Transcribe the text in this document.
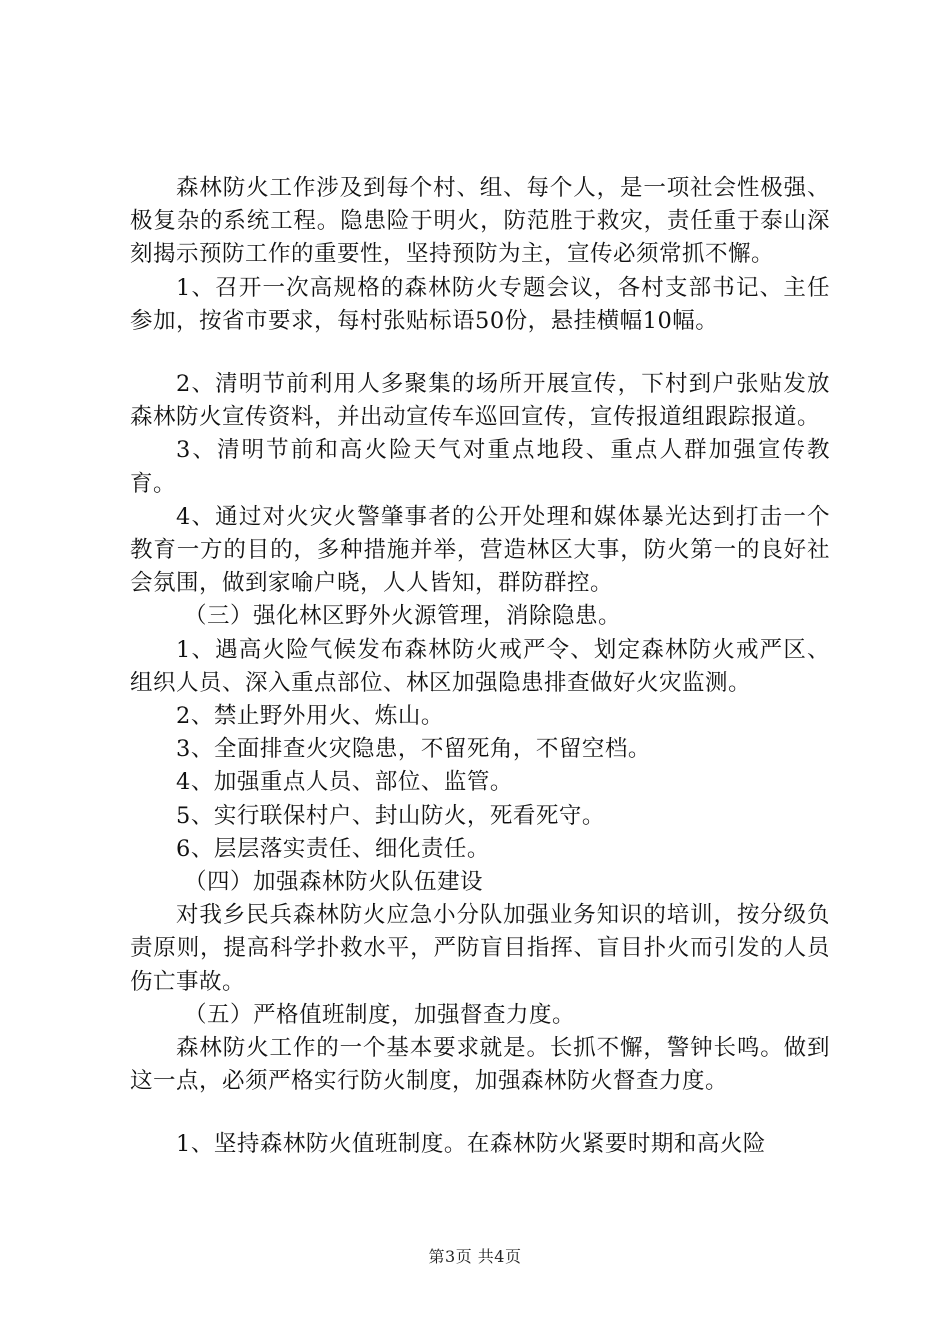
森林防火工作涉及到每个村、组、每个人，是一项社会性极强、极复杂的系统工程。隐患险于明火，防范胜于救灾，责任重于泰山深刻揭示预防工作的重要性，坚持预防为主，宣传必须常抓不懈。

1、召开一次高规格的森林防火专题会议，各村支部书记、主任参加，按省市要求，每村张贴标语50份，悬挂横幅10幅。

2、清明节前利用人多聚集的场所开展宣传，下村到户张贴发放森林防火宣传资料，并出动宣传车巡回宣传，宣传报道组跟踪报道。

3、清明节前和高火险天气对重点地段、重点人群加强宣传教育。

4、通过对火灾火警肇事者的公开处理和媒体暴光达到打击一个教育一方的目的，多种措施并举，营造林区大事，防火第一的良好社会氛围，做到家喻户晓，人人皆知，群防群控。

（三）强化林区野外火源管理，消除隐患。

1、遇高火险气候发布森林防火戒严令、划定森林防火戒严区、组织人员、深入重点部位、林区加强隐患排查做好火灾监测。

2、禁止野外用火、炼山。

3、全面排查火灾隐患，不留死角，不留空档。

4、加强重点人员、部位、监管。

5、实行联保村户、封山防火，死看死守。

6、层层落实责任、细化责任。

（四）加强森林防火队伍建设

对我乡民兵森林防火应急小分队加强业务知识的培训，按分级负责原则，提高科学扑救水平，严防盲目指挥、盲目扑火而引发的人员伤亡事故。

（五）严格值班制度，加强督查力度。

森林防火工作的一个基本要求就是。长抓不懈，警钟长鸣。做到这一点，必须严格实行防火制度，加强森林防火督查力度。

1、坚持森林防火值班制度。在森林防火紧要时期和高火险

第3页 共4页
